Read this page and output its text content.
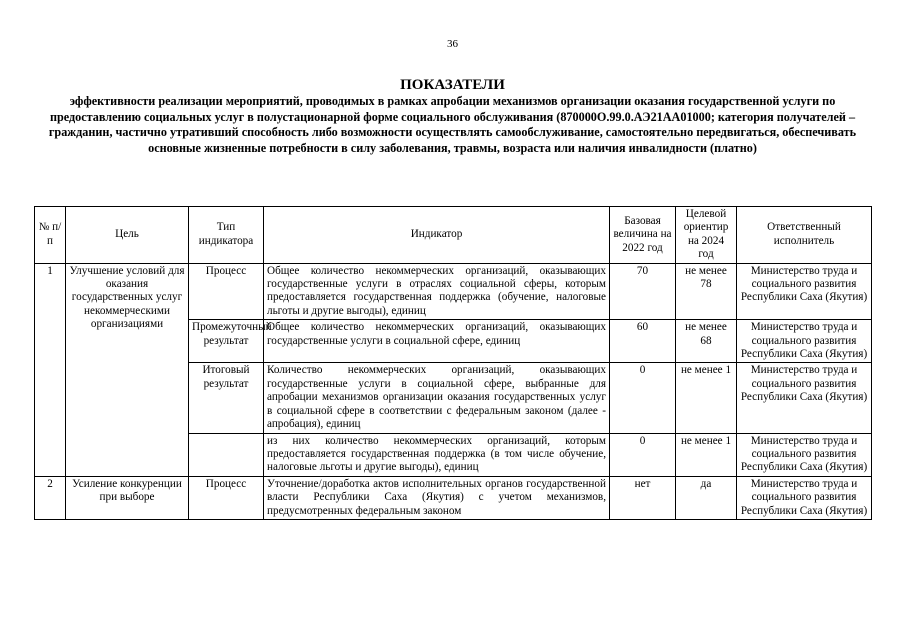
36
ПОКАЗАТЕЛИ
эффективности реализации мероприятий, проводимых в рамках апробации механизмов организации оказания государственной услуги по предоставлению социальных услуг в полустационарной форме социального обслуживания (870000О.99.0.АЭ21АА01000; категория получателей – гражданин, частично утративший способность либо возможности осуществлять самообслуживание, самостоятельно передвигаться, обеспечивать основные жизненные потребности в силу заболевания, травмы, возраста или наличия инвалидности (платно)
№ п/п	Цель	Тип индикатора	Индикатор	Базовая величина на 2022 год	Целевой ориентир на 2024 год	Ответственный исполнитель
1	Улучшение условий для оказания государственных услуг некоммерческими организациями	Процесс	Общее количество некоммерческих организаций, оказывающих государственные услуги в отраслях социальной сферы, которым предоставляется государственная поддержка (обучение, налоговые льготы и другие выгоды), единиц	70	не менее 78	Министерство труда и социального развития Республики Саха (Якутия)
		Промежуточный результат	Общее количество некоммерческих организаций, оказывающих государственные услуги в социальной сфере, единиц	60	не менее 68	Министерство труда и социального развития Республики Саха (Якутия)
		Итоговый результат	Количество некоммерческих организаций, оказывающих государственные услуги в социальной сфере, выбранные для апробации механизмов организации оказания государственных услуг в социальной сфере в соответствии с федеральным законом (далее - апробация), единиц	0	не менее 1	Министерство труда и социального развития Республики Саха (Якутия)
			из них количество некоммерческих организаций, которым предоставляется государственная поддержка (в том числе обучение, налоговые льготы и другие выгоды), единиц	0	не менее 1	Министерство труда и социального развития Республики Саха (Якутия)
2	Усиление конкуренции при выборе	Процесс	Уточнение/доработка актов исполнительных органов государственной власти Республики Саха (Якутия) с учетом механизмов, предусмотренных федеральным законом	нет	да	Министерство труда и социального развития Республики Саха (Якутия)
